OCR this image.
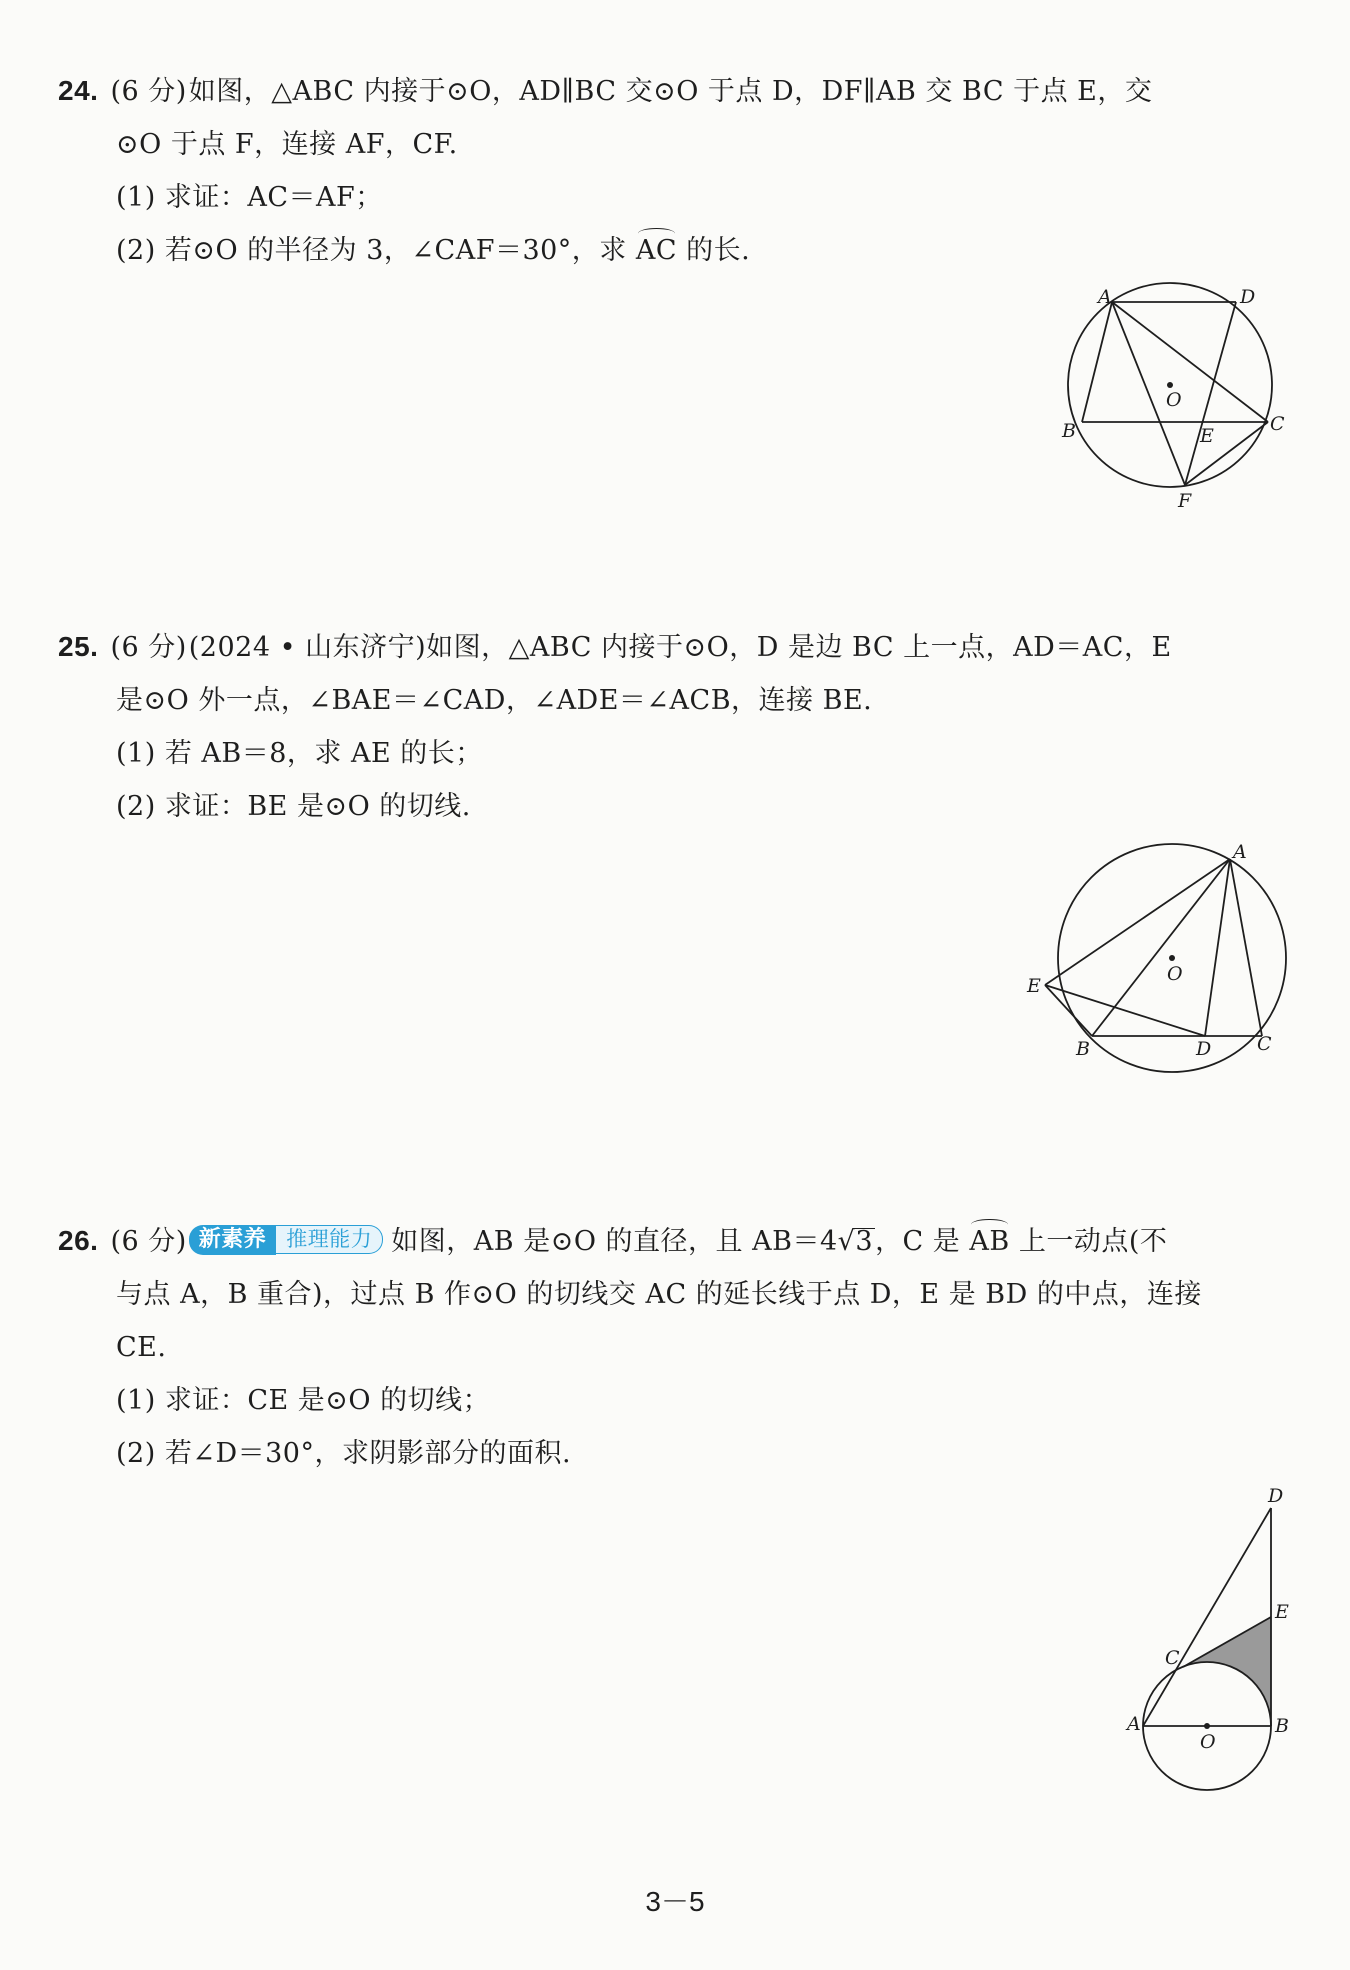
24. (6 分)如图，△ABC 内接于⊙O，AD∥BC 交⊙O 于点 D，DF∥AB 交 BC 于点 E，交
⊙O 于点 F，连接 AF，CF.
(1) 求证：AC＝AF；
(2) 若⊙O 的半径为 3，∠CAF＝30°，求 AC 的长.
A	D
O
B	E
C
F
25. (6 分)(2024 • 山东济宁)如图，△ABC 内接于⊙O，D 是边 BC 上一点，AD＝AC，E
是⊙O 外一点，∠BAE＝∠CAD，∠ADE＝∠ACB，连接 BE.
(1) 若 AB＝8，求 AE 的长；
(2) 求证：BE 是⊙O 的切线.
A
O
E
B	D C
26. (6 分) 新素养 推理能力 如图，AB 是⊙O 的直径，且 AB＝4√3，C 是 AB 上一动点(不
与点 A，B 重合)，过点 B 作⊙O 的切线交 AC 的延长线于点 D，E 是 BD 的中点，连接
CE.
(1) 求证：CE 是⊙O 的切线；
(2) 若∠D＝30°，求阴影部分的面积.
D
E
C
A	B
O
3－5
